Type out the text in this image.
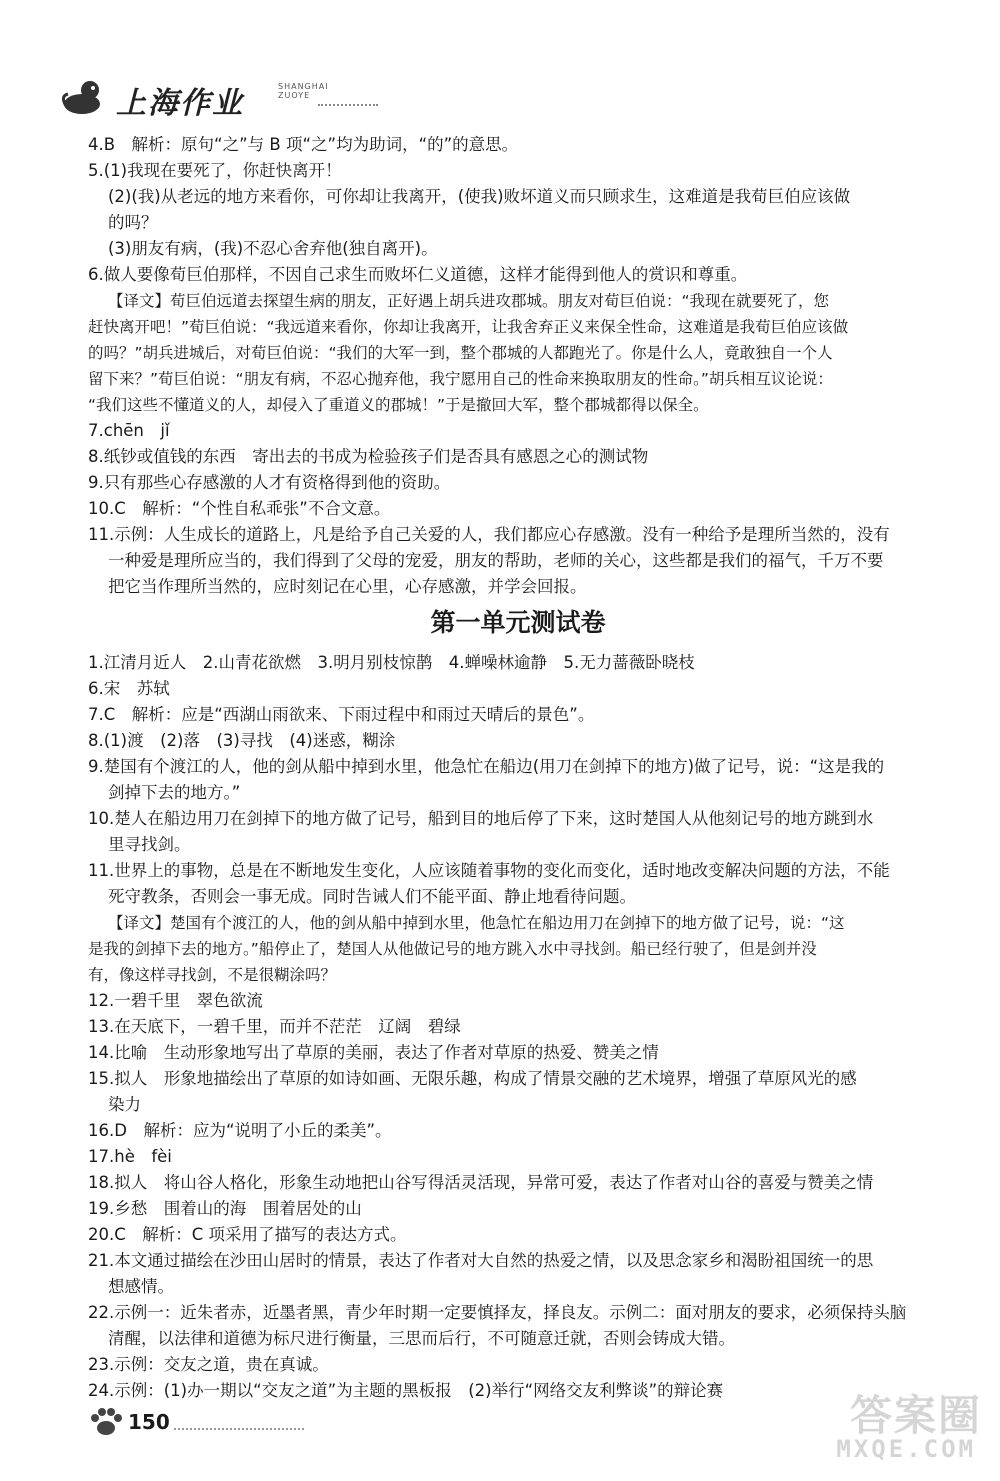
上海作业	SHANGHAI
ZUOYE
4.B　解析：原句“之”与 B 项“之”均为助词，“的”的意思。
5.(1)我现在要死了，你赶快离开！
(2)(我)从老远的地方来看你，可你却让我离开，(使我)败坏道义而只顾求生，这难道是我荀巨伯应该做
的吗？
(3)朋友有病，(我)不忍心舍弃他(独自离开)。
6.做人要像荀巨伯那样，不因自己求生而败坏仁义道德，这样才能得到他人的赏识和尊重。
【译文】荀巨伯远道去探望生病的朋友，正好遇上胡兵进攻郡城。朋友对荀巨伯说：“我现在就要死了，您
赶快离开吧！”荀巨伯说：“我远道来看你，你却让我离开，让我舍弃正义来保全性命，这难道是我荀巨伯应该做
的吗？”胡兵进城后，对荀巨伯说：“我们的大军一到，整个郡城的人都跑光了。你是什么人，竟敢独自一个人
留下来？”荀巨伯说：“朋友有病，不忍心抛弃他，我宁愿用自己的性命来换取朋友的性命。”胡兵相互议论说：
“我们这些不懂道义的人，却侵入了重道义的郡城！”于是撤回大军，整个郡城都得以保全。
7.chēn　jǐ
8.纸钞或值钱的东西　寄出去的书成为检验孩子们是否具有感恩之心的测试物
9.只有那些心存感激的人才有资格得到他的资助。
10.C　解析：“个性自私乖张”不合文意。
11.示例：人生成长的道路上，凡是给予自己关爱的人，我们都应心存感激。没有一种给予是理所当然的，没有
一种爱是理所应当的，我们得到了父母的宠爱，朋友的帮助，老师的关心，这些都是我们的福气，千万不要
把它当作理所当然的，应时刻记在心里，心存感激，并学会回报。
第一单元测试卷
1.江清月近人　2.山青花欲燃　3.明月别枝惊鹊　4.蝉噪林逾静　5.无力蔷薇卧晓枝
6.宋　苏轼
7.C　解析：应是“西湖山雨欲来、下雨过程中和雨过天晴后的景色”。
8.(1)渡　(2)落　(3)寻找　(4)迷惑，糊涂
9.楚国有个渡江的人，他的剑从船中掉到水里，他急忙在船边(用刀在剑掉下的地方)做了记号，说：“这是我的
剑掉下去的地方。”
10.楚人在船边用刀在剑掉下的地方做了记号，船到目的地后停了下来，这时楚国人从他刻记号的地方跳到水
里寻找剑。
11.世界上的事物，总是在不断地发生变化，人应该随着事物的变化而变化，适时地改变解决问题的方法，不能
死守教条，否则会一事无成。同时告诫人们不能平面、静止地看待问题。
【译文】楚国有个渡江的人，他的剑从船中掉到水里，他急忙在船边用刀在剑掉下的地方做了记号，说：“这
是我的剑掉下去的地方。”船停止了，楚国人从他做记号的地方跳入水中寻找剑。船已经行驶了，但是剑并没
有，像这样寻找剑，不是很糊涂吗？
12.一碧千里　翠色欲流
13.在天底下，一碧千里，而并不茫茫　辽阔　碧绿
14.比喻　生动形象地写出了草原的美丽，表达了作者对草原的热爱、赞美之情
15.拟人　形象地描绘出了草原的如诗如画、无限乐趣，构成了情景交融的艺术境界，增强了草原风光的感
染力
16.D　解析：应为“说明了小丘的柔美”。
17.hè　fèi
18.拟人　将山谷人格化，形象生动地把山谷写得活灵活现，异常可爱，表达了作者对山谷的喜爱与赞美之情
19.乡愁　围着山的海　围着居处的山
20.C　解析：C 项采用了描写的表达方式。
21.本文通过描绘在沙田山居时的情景，表达了作者对大自然的热爱之情，以及思念家乡和渴盼祖国统一的思
想感情。
22.示例一：近朱者赤，近墨者黑，青少年时期一定要慎择友，择良友。示例二：面对朋友的要求，必须保持头脑
清醒，以法律和道德为标尺进行衡量，三思而后行，不可随意迁就，否则会铸成大错。
23.示例：交友之道，贵在真诚。
24.示例：(1)办一期以“交友之道”为主题的黑板报　(2)举行“网络交友利弊谈”的辩论赛
150	答案圈
MXQE.COM
